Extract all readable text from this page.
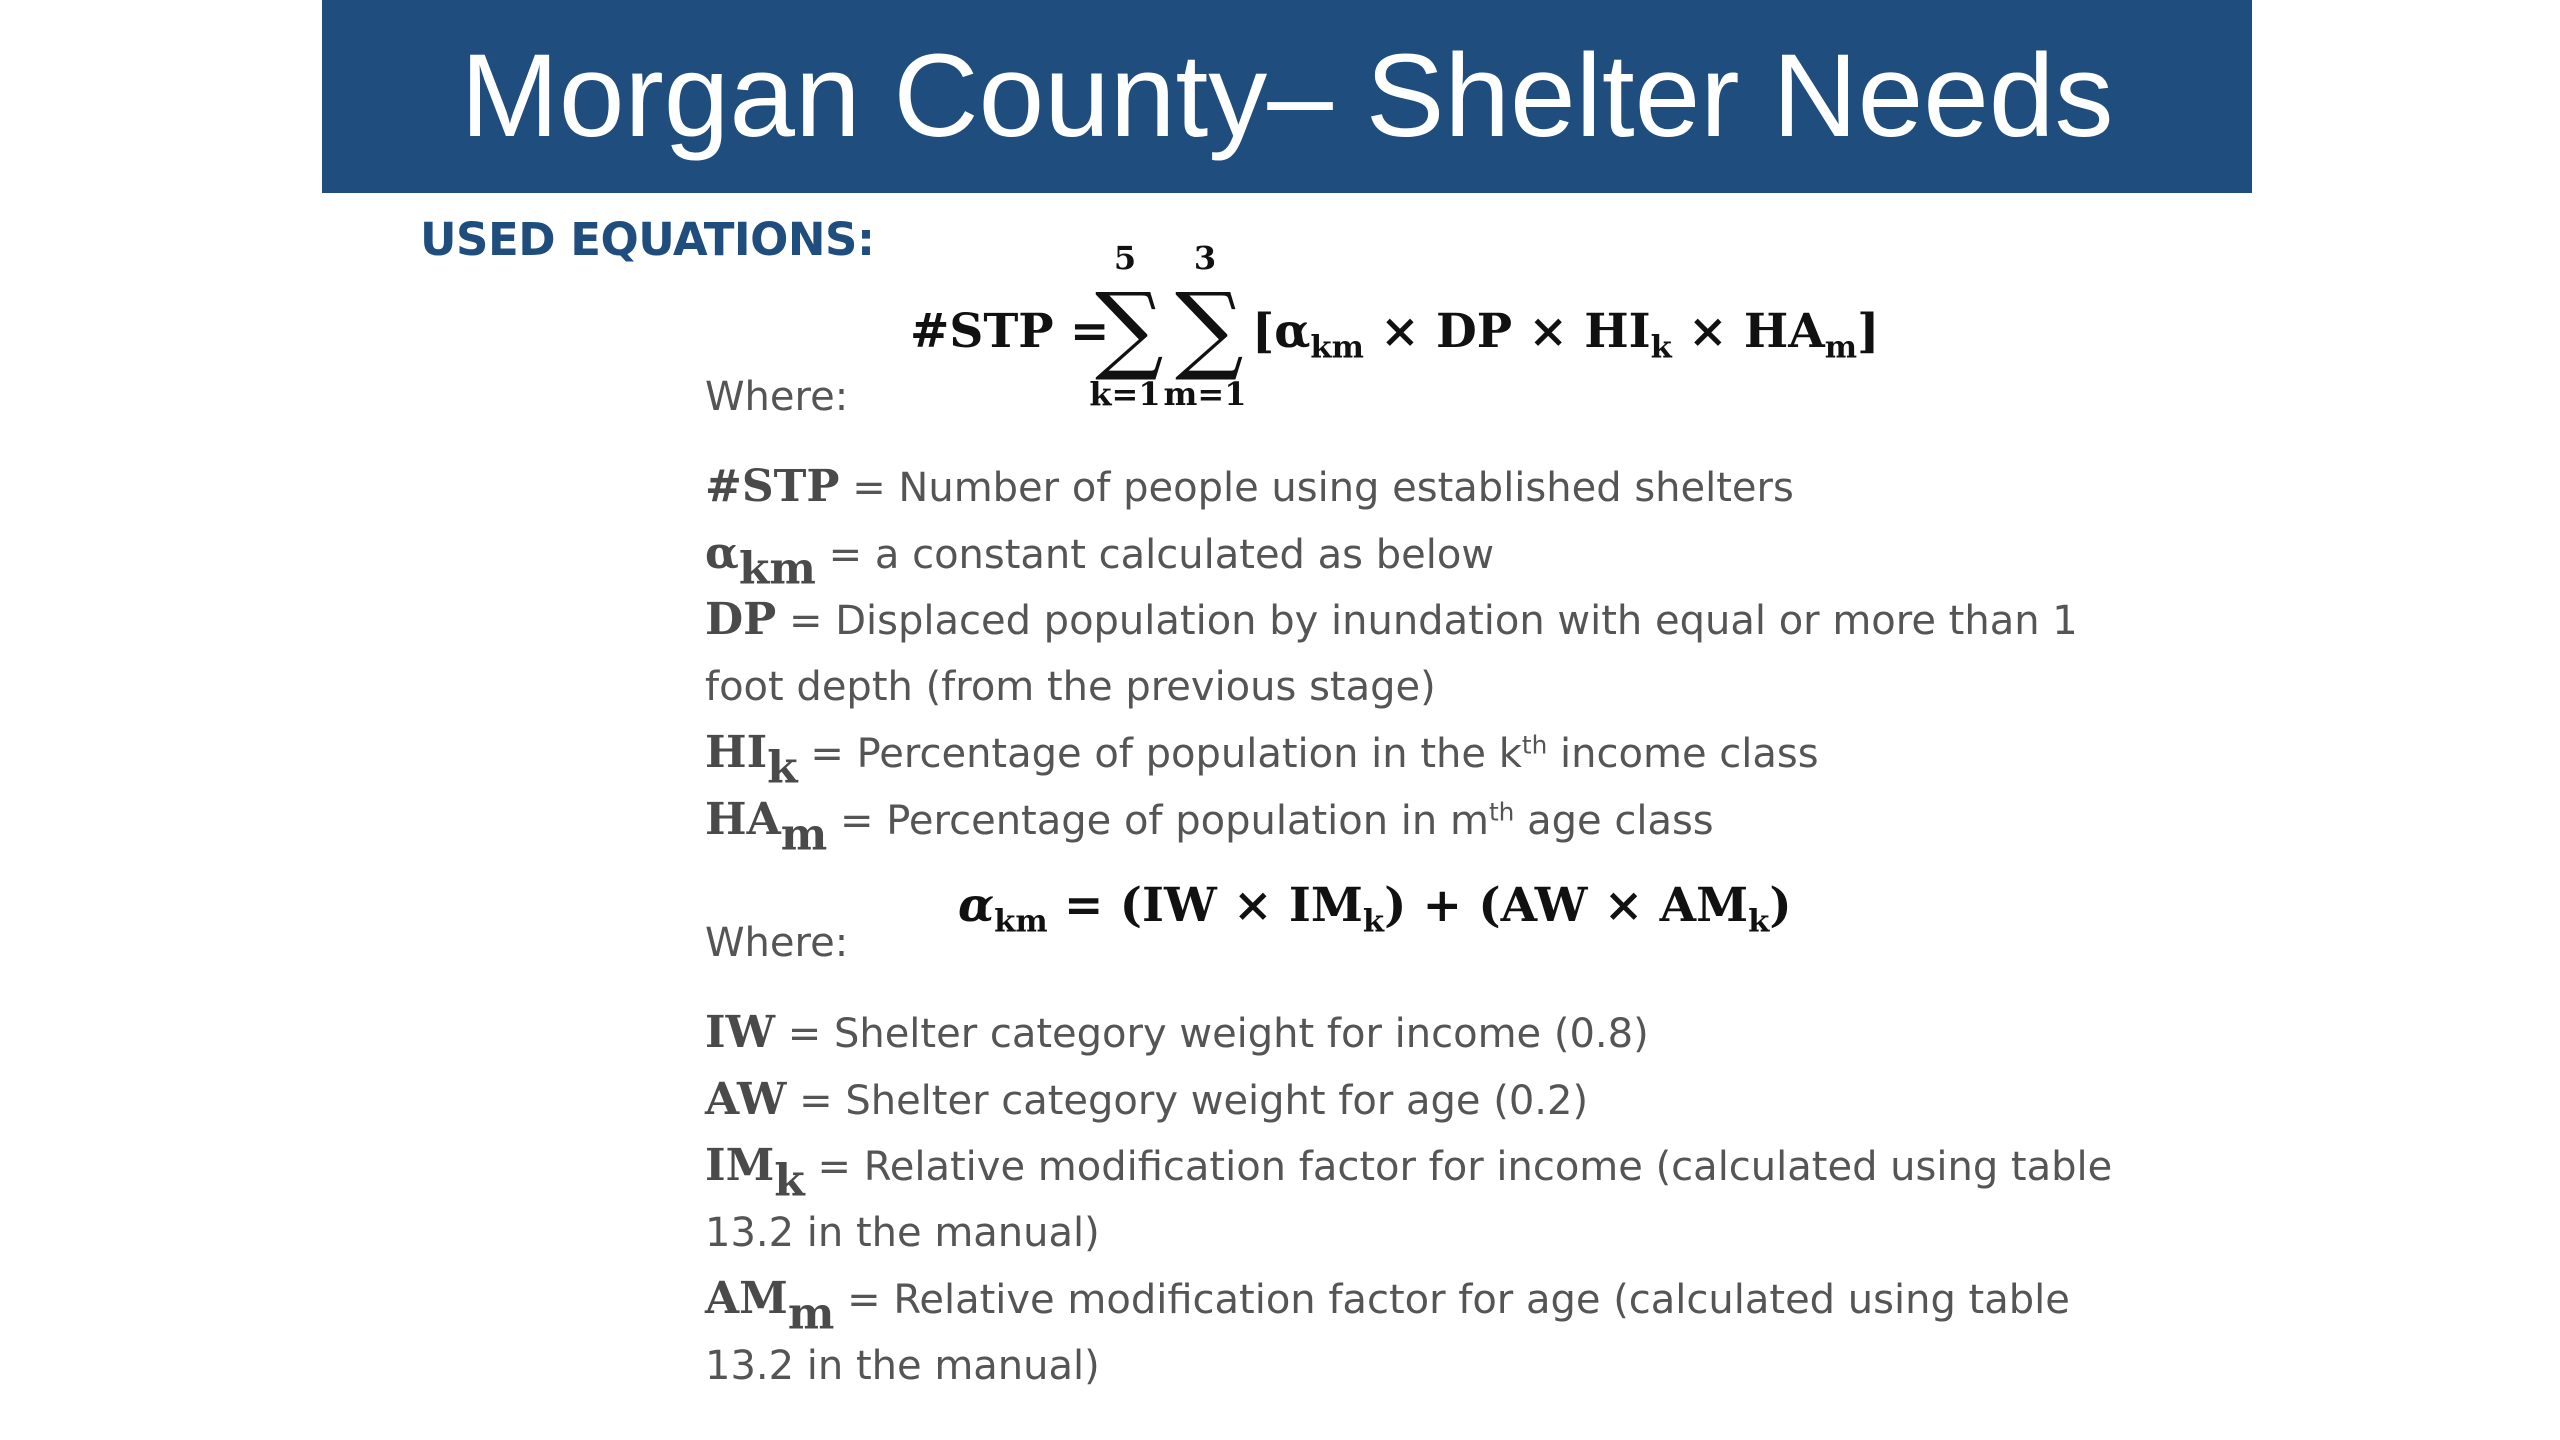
Morgan County– Shelter Needs
USED EQUATIONS:
#STP =
5
∑
k=1
3
∑
m=1
[$\alpha_{km}$ × DP × $HI_k \times HA_m$]
Where:
#STP = Number of people using established shelters
$\alpha_{km} = a$ constant calculated as below
DP = Displaced population by inundation with equal or more than 1
foot depth (from the previous stage)
$HI_k$ = Percentage of population in the $k^{th}$ income class
$HA_m$ = Percentage of population in $m^{th}$ age class
$\alpha_{km} = (IW \times IM_k) + (AW \times AM_k)$
Where:
IW = Shelter category weight for income (0.8)
AW = Shelter category weight for age (0.2)
$IM_k$ = Relative modification factor for income (calculated using table
13.2 in the manual)
$AM_m$ = Relative modification factor for age (calculated using table
13.2 in the manual)
